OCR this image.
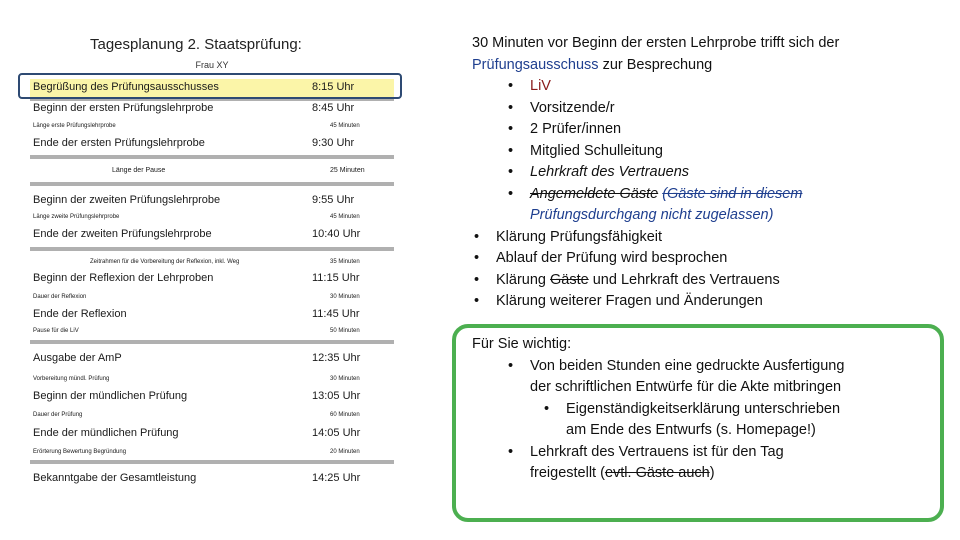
Tagesplanung 2. Staatsprüfung:
Frau XY
Begrüßung des Prüfungsausschusses	8:15 Uhr
Beginn der ersten Prüfungslehrprobe	8:45 Uhr
Länge erste Prüfungslehrprobe	45 Minuten
Ende der ersten Prüfungslehrprobe	9:30 Uhr
Länge der Pause	25 Minuten
Beginn der zweiten Prüfungslehrprobe	9:55 Uhr
Länge zweite Prüfungslehrprobe	45 Minuten
Ende der zweiten Prüfungslehrprobe	10:40 Uhr
Zeitrahmen für die Vorbereitung der Reflexion, inkl. Weg	35 Minuten
Beginn der Reflexion der Lehrproben	11:15 Uhr
Dauer der Reflexion	30 Minuten
Ende der Reflexion	11:45 Uhr
Pause für die LiV	50 Minuten
Ausgabe der AmP	12:35 Uhr
Vorbereitung mündl. Prüfung	30 Minuten
Beginn der mündlichen Prüfung	13:05 Uhr
Dauer der Prüfung	60 Minuten
Ende der mündlichen Prüfung	14:05 Uhr
Erörterung Bewertung Begründung	20 Minuten
Bekanntgabe der Gesamtleistung	14:25 Uhr
30 Minuten vor Beginn der ersten Lehrprobe trifft sich der
Prüfungsausschuss zur Besprechung
• LiV
• Vorsitzende/r
• 2 Prüfer/innen
• Mitglied Schulleitung
• Lehrkraft des Vertrauens
• Angemeldete Gäste (Gäste sind in diesem
Prüfungsdurchgang nicht zugelassen)
• Klärung Prüfungsfähigkeit
• Ablauf der Prüfung wird besprochen
• Klärung Gäste und Lehrkraft des Vertrauens
• Klärung weiterer Fragen und Änderungen
Für Sie wichtig:
• Von beiden Stunden eine gedruckte Ausfertigung
der schriftlichen Entwürfe für die Akte mitbringen
• Eigenständigkeitserklärung unterschrieben
am Ende des Entwurfs (s. Homepage!)
• Lehrkraft des Vertrauens ist für den Tag
freigestellt (evtl. Gäste auch)
